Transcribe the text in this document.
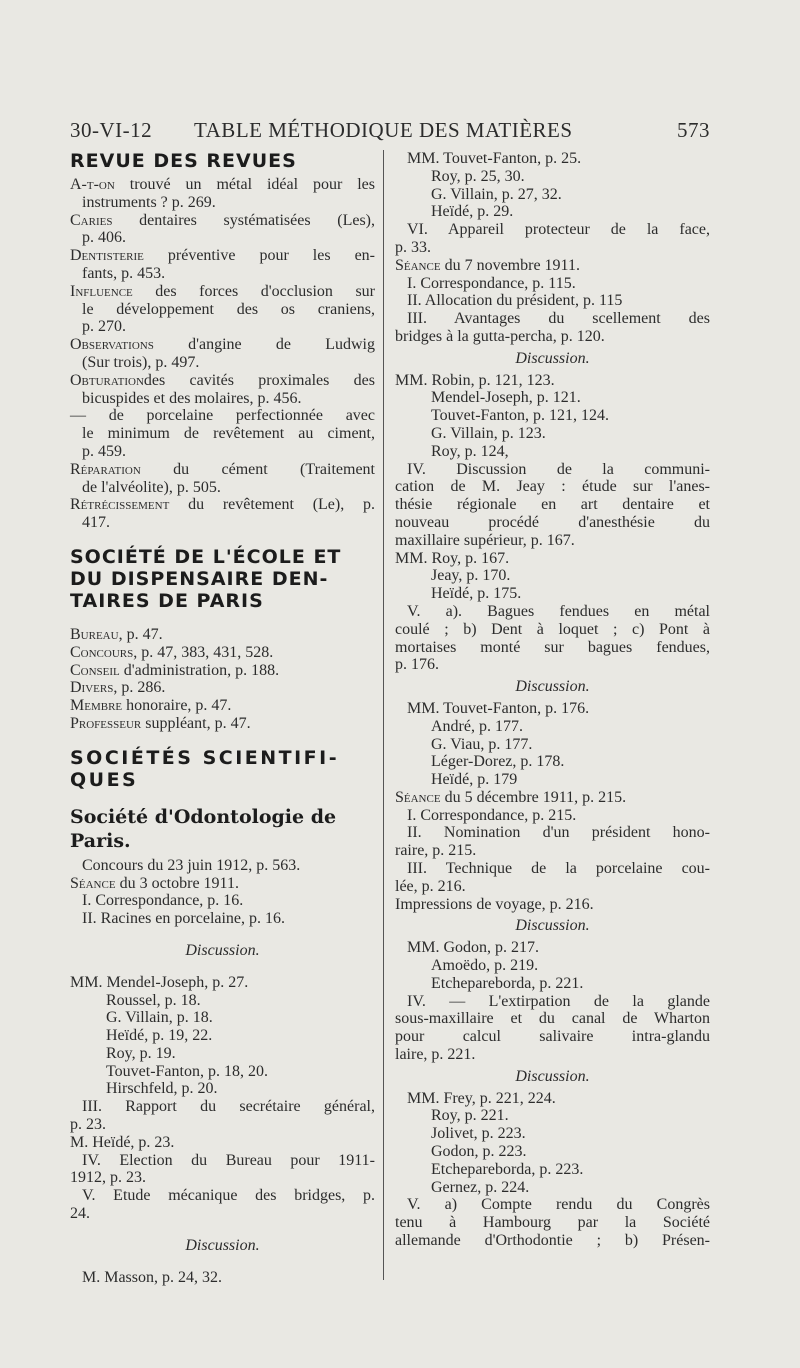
30-VI-12 TABLE MÉTHODIQUE DES MATIÈRES	573
REVUE DES REVUES
A-t-on trouvé un métal idéal pour les
instruments ? p. 269.
Caries dentaires systématisées (Les),
p. 406.
Dentisterie préventive pour les en-
fants, p. 453.
Influence des forces d'occlusion sur
le développement des os craniens,
p. 270.
Observations d'angine de Ludwig
(Sur trois), p. 497.
Obturationdes cavités proximales des
bicuspides et des molaires, p. 456.
— de porcelaine perfectionnée avec
le minimum de revêtement au ciment,
p. 459.
Réparation du cément (Traitement
de l'alvéolite), p. 505.
Rétrécissement du revêtement (Le), p.
417.
SOCIÉTÉ DE L'ÉCOLE ET
DU DISPENSAIRE DEN-
TAIRES DE PARIS
Bureau, p. 47.
Concours, p. 47, 383, 431, 528.
Conseil d'administration, p. 188.
Divers, p. 286.
Membre honoraire, p. 47.
Professeur suppléant, p. 47.
SOCIÉTÉS SCIENTIFI-
QUES
Société d'Odontologie de Paris.
Concours du 23 juin 1912, p. 563.
Séance du 3 octobre 1911.
I. Correspondance, p. 16.
II. Racines en porcelaine, p. 16.
Discussion.
MM. Mendel-Joseph, p. 27.
Roussel, p. 18.
G. Villain, p. 18.
Heïdé, p. 19, 22.
Roy, p. 19.
Touvet-Fanton, p. 18, 20.
Hirschfeld, p. 20.
III. Rapport du secrétaire général,
p. 23.
M. Heïdé, p. 23.
IV. Election du Bureau pour 1911-
1912, p. 23.
V. Etude mécanique des bridges, p.
24.
Discussion.
M. Masson, p. 24, 32.
MM. Touvet-Fanton, p. 25.
Roy, p. 25, 30.
G. Villain, p. 27, 32.
Heïdé, p. 29.
VI. Appareil protecteur de la face,
p. 33.
Séance du 7 novembre 1911.
I. Correspondance, p. 115.
II. Allocation du président, p. 115
III. Avantages du scellement des
bridges à la gutta-percha, p. 120.
Discussion.
MM. Robin, p. 121, 123.
Mendel-Joseph, p. 121.
Touvet-Fanton, p. 121, 124.
G. Villain, p. 123.
Roy, p. 124,
IV. Discussion de la communi-
cation de M. Jeay : étude sur l'anes-
thésie régionale en art dentaire et
nouveau procédé d'anesthésie du
maxillaire supérieur, p. 167.
MM. Roy, p. 167.
Jeay, p. 170.
Heïdé, p. 175.
V. a). Bagues fendues en métal
coulé ; b) Dent à loquet ; c) Pont à
mortaises monté sur bagues fendues,
p. 176.
Discussion.
MM. Touvet-Fanton, p. 176.
André, p. 177.
G. Viau, p. 177.
Léger-Dorez, p. 178.
Heïdé, p. 179
Séance du 5 décembre 1911, p. 215.
I. Correspondance, p. 215.
II. Nomination d'un président hono-
raire, p. 215.
III. Technique de la porcelaine cou-
lée, p. 216.
Impressions de voyage, p. 216.
Discussion.
MM. Godon, p. 217.
Amoëdo, p. 219.
Etchepareborda, p. 221.
IV. — L'extirpation de la glande
sous-maxillaire et du canal de Wharton
pour calcul salivaire intra-glandu
laire, p. 221.
Discussion.
MM. Frey, p. 221, 224.
Roy, p. 221.
Jolivet, p. 223.
Godon, p. 223.
Etchepareborda, p. 223.
Gernez, p. 224.
V. a) Compte rendu du Congrès
tenu à Hambourg par la Société
allemande d'Orthodontie ; b) Présen-
